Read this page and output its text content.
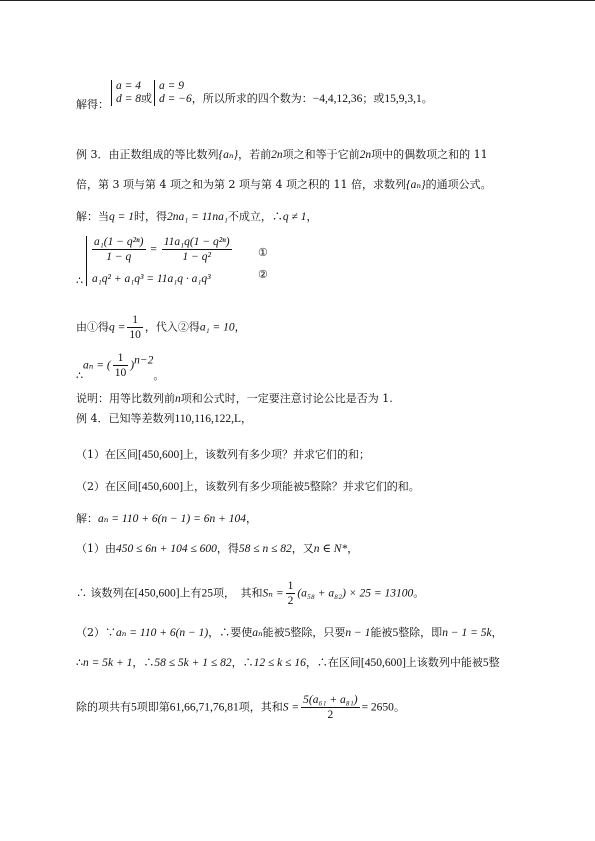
解得：
a = 4
d = 8 或
a = 9
d = −6 ，所以所求的四个数为：−4,4,12,36；或15,9,3,1。
例 3．由正数组成的等比数列{aₙ}，若前2n项之和等于它前2n项中的偶数项之和的 11
倍，第 3 项与第 4 项之和为第 2 项与第 4 项之积的 11 倍，求数列{aₙ}的通项公式。
解：当q = 1时，得2na₁ = 11na₁不成立，∴q ≠ 1，
$\frac{\text{a₁(1 − q²ⁿ)}}{1 - q} = \frac{\text{11a₁q(1 − q²ⁿ)}}{\text{1 − q²}}$ ①
∴ a₁q² + a₁q³ = 11a₁q · a₁q³	②
由①得$q = \frac{1}{10}$ ，代入②得a₁ = 10，
∴aₙ = ( $\frac{1}{10} )^{n-2}$。
说明：用等比数列前n项和公式时，一定要注意讨论公比是否为 1.
例 4．已知等差数列110,116,122,L，
（1）在区间[450,600]上，该数列有多少项？并求它们的和；
（2）在区间[450,600]上，该数列有多少项能被5整除？并求它们的和。
解：aₙ = 110 + 6(n − 1) = 6n + 104，
（1）由450 ≤ 6n + 104 ≤ 600，得58 ≤ n ≤ 82，又n ∈ N*，
∴ 该数列在[450,600]上有25项，　其和$S_n = \frac{1}{2} (a_{58} + a_{82}) \times 25 = 13100$。
（2）∵aₙ = 110 + 6(n − 1)，∴要使aₙ能被5整除，只要n − 1能被5整除，即n − 1 = 5k，
∴n = 5k + 1，∴58 ≤ 5k + 1 ≤ 82，∴12 ≤ k ≤ 16，∴在区间[450,600]上该数列中能被5整
除的项共有5项即第61,66,71,76,81项，其和$S = \frac{\text{5(a₆₁ + a₈₁)}}{2} = 2650$。
